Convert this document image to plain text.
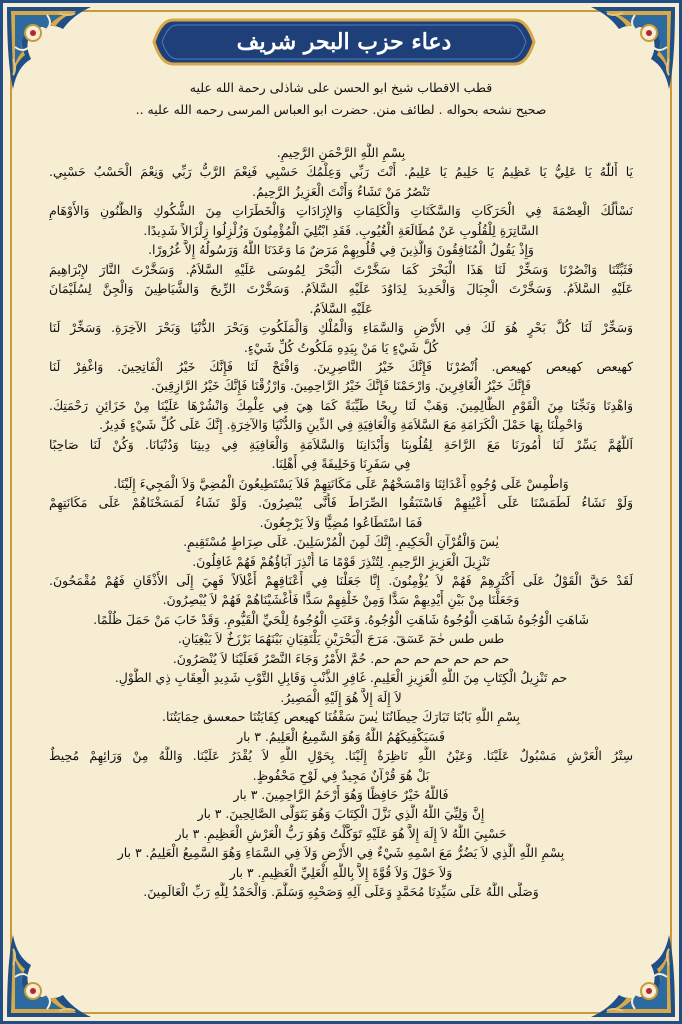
دعاء حزب البحر شريف
قطب الاقطاب شیخ ابو الحسن علی شاذلی رحمة الله علیه
صحیح نشحه بحواله . لطائف منن. حضرت ابو العباس المرسی رحمه الله علیه ..
بِسْمِ اللَّهِ الرَّحْمَنِ الرَّحِيمِ.
يَا أَللّٰهُ يَا عَلِيُّ يَا عَظِيمُ يَا حَلِيمُ يَا عَلِيمُ. أَنْتَ رَبِّي وَعِلْمُكَ حَسْبِي فَنِعْمَ الرَّبُّ رَبِّي وَنِعْمَ الْحَسْبُ حَسْبِي.
تَنْصُرُ مَنْ تَشَاءُ وَأَنْتَ الْعَزِيزُ الرَّحِيمُ.
نَسْأَلُكَ الْعِصْمَةَ فِي الْحَرَكَاتِ وَالسَّكَنَاتِ وَالْكَلِمَاتِ وَالإِرَادَاتِ وَالْخَطَرَاتِ مِنَ الشُّكُوكِ وَالظُّنُونِ وَالأَوْهَامِ
السَّاتِرَةِ لِلْقُلُوبِ عَنْ مُطَالَعَةِ الْغُيُوبِ. فَقَدِ ابْتُلِيَ الْمُؤْمِنُونَ وَزُلْزِلُوا زِلْزَالاً شَدِيدًا.
وَإِذْ يَقُولُ الْمُنَافِقُونَ وَالَّذِينَ فِي قُلُوبِهِمْ مَرَضٌ مَا وَعَدَنَا اللَّهُ وَرَسُولُهُ إِلاَّ غُرُورًا.
فَثَبِّتْنَا وَانْصُرْنَا وَسَخِّرْ لَنَا هَذَا الْبَحْرَ كَمَا سَخَّرْتَ الْبَحْرَ لِمُوسَى عَلَيْهِ السَّلاَمُ. وَسَخَّرْتَ النَّارَ لإِبْرَاهِيمَ
عَلَيْهِ السَّلاَمُ. وَسَخَّرْتَ الْجِبَالَ وَالْحَدِيدَ لِدَاوُدَ عَلَيْهِ السَّلاَمُ. وَسَخَّرْتَ الرِّيحَ وَالشَّيَاطِينَ وَالْجِنَّ لِسُلَيْمَانَ
عَلَيْهِ السَّلاَمُ.
وَسَخِّرْ لَنَا كُلَّ بَحْرٍ هُوَ لَكَ فِي الأَرْضِ وَالسَّمَاءِ وَالْمُلْكِ وَالْمَلَكُوتِ وَبَحْرَ الدُّنْيَا وَبَحْرَ الآخِرَةِ. وَسَخِّرْ لَنَا
كُلَّ شَيْءٍ يَا مَنْ بِيَدِهِ مَلَكُوتُ كُلِّ شَيْءٍ.
كهيعص كهيعص كهيعص. اُنْصُرْنَا فَإِنَّكَ خَيْرُ النَّاصِرِينَ. وَافْتَحْ لَنَا فَإِنَّكَ خَيْرُ الْفَاتِحِينَ. وَاغْفِرْ لَنَا
فَإِنَّكَ خَيْرُ الْغَافِرِينَ. وَارْحَمْنَا فَإِنَّكَ خَيْرُ الرَّاحِمِينَ. وَارْزُقْنَا فَإِنَّكَ خَيْرُ الرَّازِقِينَ.
وَاهْدِنَا وَنَجِّنَا مِنَ الْقَوْمِ الظَّالِمِينَ. وَهَبْ لَنَا رِيحًا طَيِّبَةً كَمَا هِيَ فِي عِلْمِكَ وَانْشُرْهَا عَلَيْنَا مِنْ خَزَائِنِ رَحْمَتِكَ.
وَاحْمِلْنَا بِهَا حَمْلَ الْكَرَامَةِ مَعَ السَّلاَمَةِ وَالْعَافِيَةِ فِي الدِّينِ وَالدُّنْيَا وَالآخِرَةِ. إِنَّكَ عَلَى كُلِّ شَيْءٍ قَدِيرٌ.
اَللَّهُمَّ يَسِّرْ لَنَا أُمُورَنَا مَعَ الرَّاحَةِ لِقُلُوبِنَا وَأَبْدَانِنَا وَالسَّلاَمَةِ وَالْعَافِيَةِ فِي دِينِنَا وَدُنْيَانَا. وَكُنْ لَنَا صَاحِبًا
فِي سَفَرِنَا وَخَلِيفَةً فِي أَهْلِنَا.
وَاطْمِسْ عَلَى وُجُوهِ أَعْدَائِنَا وَامْسَخْهُمْ عَلَى مَكَانَتِهِمْ فَلاَ يَسْتَطِيعُونَ الْمُضِيَّ وَلاَ الْمَجِيءَ إِلَيْنَا.
وَلَوْ نَشَاءُ لَطَمَسْنَا عَلَى أَعْيُنِهِمْ فَاسْتَبَقُوا الصِّرَاطَ فَأَنَّى يُبْصِرُونَ. وَلَوْ نَشَاءُ لَمَسَخْنَاهُمْ عَلَى مَكَانَتِهِمْ
فَمَا اسْتَطَاعُوا مُضِيًّا وَلاَ يَرْجِعُونَ.
يٰسٓ وَالْقُرْآنِ الْحَكِيمِ. إِنَّكَ لَمِنَ الْمُرْسَلِينَ. عَلَى صِرَاطٍ مُسْتَقِيمٍ.
تَنْزِيلَ الْعَزِيزِ الرَّحِيمِ. لِتُنْذِرَ قَوْمًا مَا أُنْذِرَ آبَاؤُهُمْ فَهُمْ غَافِلُونَ.
لَقَدْ حَقَّ الْقَوْلُ عَلَى أَكْثَرِهِمْ فَهُمْ لاَ يُؤْمِنُونَ. إِنَّا جَعَلْنَا فِي أَعْنَاقِهِمْ أَغْلاَلاً فَهِيَ إِلَى الأَذْقَانِ فَهُمْ مُقْمَحُونَ.
وَجَعَلْنَا مِنْ بَيْنِ أَيْدِيهِمْ سَدًّا وَمِنْ خَلْفِهِمْ سَدًّا فَأَغْشَيْنَاهُمْ فَهُمْ لاَ يُبْصِرُونَ.
شَاهَتِ الْوُجُوهُ شَاهَتِ الْوُجُوهُ شَاهَتِ الْوُجُوهُ. وَعَنَتِ الْوُجُوهُ لِلْحَيِّ الْقَيُّومِ. وَقَدْ خَابَ مَنْ حَمَلَ ظُلْمًا.
طس طس حٰمٓ عٓسٓقٓ. مَرَجَ الْبَحْرَيْنِ يَلْتَقِيَانِ بَيْنَهُمَا بَرْزَخٌ لاَ يَبْغِيَانِ.
حم حم حم حم حم حم حم. حُمَّ الأَمْرُ وَجَاءَ النَّصْرُ فَعَلَيْنَا لاَ يُنْصَرُونَ.
حم تَنْزِيلُ الْكِتَابِ مِنَ اللَّهِ الْعَزِيزِ الْعَلِيمِ. غَافِرِ الذَّنْبِ وَقَابِلِ التَّوْبِ شَدِيدِ الْعِقَابِ ذِي الطَّوْلِ.
لاَ إِلَهَ إِلاَّ هُوَ إِلَيْهِ الْمَصِيرُ.
بِسْمِ اللَّهِ بَابُنَا تَبَارَكَ حِيطَانُنَا يٰسٓ سَقْفُنَا كهيعص كِفَايَتُنَا حمعسق حِمَايَتُنَا.
فَسَيَكْفِيكَهُمُ اللَّهُ وَهُوَ السَّمِيعُ الْعَلِيمُ. ٣ بار
سِتْرُ الْعَرْشِ مَسْبُولٌ عَلَيْنَا. وَعَيْنُ اللَّهِ نَاظِرَةٌ إِلَيْنَا. بِحَوْلِ اللَّهِ لاَ يُقْدَرُ عَلَيْنَا. وَاللَّهُ مِنْ وَرَائِهِمْ مُحِيطٌ
بَلْ هُوَ قُرْآنٌ مَجِيدٌ فِي لَوْحٍ مَحْفُوظٍ.
فَاللَّهُ خَيْرٌ حَافِظًا وَهُوَ أَرْحَمُ الرَّاحِمِينَ. ٣ بار
إِنَّ وَلِيِّيَ اللَّهُ الَّذِي نَزَّلَ الْكِتَابَ وَهُوَ يَتَوَلَّى الصَّالِحِينَ. ٣ بار
حَسْبِيَ اللَّهُ لاَ إِلَهَ إِلاَّ هُوَ عَلَيْهِ تَوَكَّلْتُ وَهُوَ رَبُّ الْعَرْشِ الْعَظِيمِ. ٣ بار
بِسْمِ اللَّهِ الَّذِي لاَ يَضُرُّ مَعَ اسْمِهِ شَيْءٌ فِي الأَرْضِ وَلاَ فِي السَّمَاءِ وَهُوَ السَّمِيعُ الْعَلِيمُ. ٣ بار
وَلاَ حَوْلَ وَلاَ قُوَّةَ إِلاَّ بِاللَّهِ الْعَلِيِّ الْعَظِيمِ. ٣ بار
وَصَلَّى اللَّهُ عَلَى سَيِّدِنَا مُحَمَّدٍ وَعَلَى آلِهِ وَصَحْبِهِ وَسَلَّمَ. وَالْحَمْدُ لِلَّهِ رَبِّ الْعَالَمِينَ.
